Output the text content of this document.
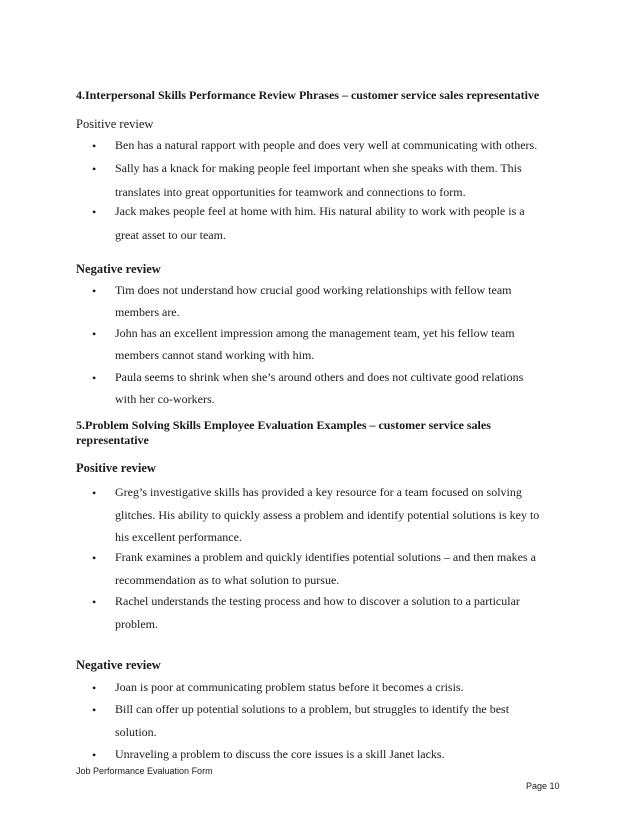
4.Interpersonal Skills Performance Review Phrases – customer service sales representative
Positive review
• Ben has a natural rapport with people and does very well at communicating with others.
• Sally has a knack for making people feel important when she speaks with them. This
translates into great opportunities for teamwork and connections to form.
• Jack makes people feel at home with him. His natural ability to work with people is a
great asset to our team.
Negative review
• Tim does not understand how crucial good working relationships with fellow team
members are.
• John has an excellent impression among the management team, yet his fellow team
members cannot stand working with him.
• Paula seems to shrink when she’s around others and does not cultivate good relations
with her co-workers.
5.Problem Solving Skills Employee Evaluation Examples – customer service sales
representative
Positive review
• Greg’s investigative skills has provided a key resource for a team focused on solving
glitches. His ability to quickly assess a problem and identify potential solutions is key to
his excellent performance.
• Frank examines a problem and quickly identifies potential solutions – and then makes a
recommendation as to what solution to pursue.
• Rachel understands the testing process and how to discover a solution to a particular
problem.
Negative review
• Joan is poor at communicating problem status before it becomes a crisis.
• Bill can offer up potential solutions to a problem, but struggles to identify the best
solution.
• Unraveling a problem to discuss the core issues is a skill Janet lacks.
Job Performance Evaluation Form
Page 10
